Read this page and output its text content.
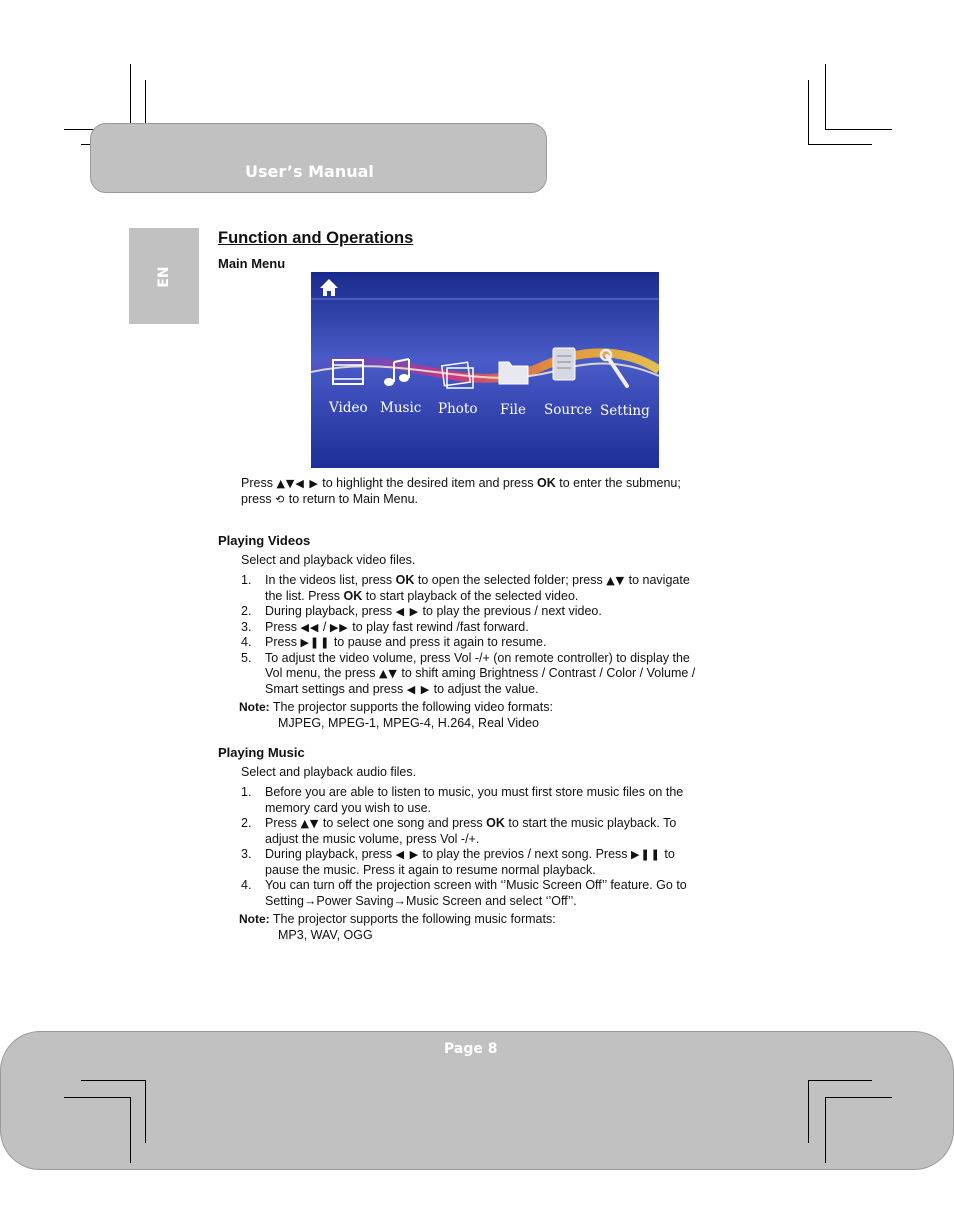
User’s Manual
EN
Function and Operations
Main Menu
Video Music Photo File Source Setting
Press ▲▼◀ ▶ to highlight the desired item and press OK to enter the submenu;
press ⟲ to return to Main Menu.
Playing Videos
Select and playback video files.
1. In the videos list, press OK to open the selected folder; press ▲▼ to navigate
the list. Press OK to start playback of the selected video.
2. During playback, press ◀ ▶ to play the previous / next video.
3. Press ◀◀ / ▶▶ to play fast rewind /fast forward.
4. Press ▶❚❚ to pause and press it again to resume.
5. To adjust the video volume, press Vol -/+ (on remote controller) to display the
Vol menu, the press ▲▼ to shift aming Brightness / Contrast / Color / Volume /
Smart settings and press ◀ ▶ to adjust the value.
Note: The projector supports the following video formats:
MJPEG, MPEG-1, MPEG-4, H.264, Real Video
Playing Music
Select and playback audio files.
1. Before you are able to listen to music, you must first store music files on the
memory card you wish to use.
2. Press ▲▼ to select one song and press OK to start the music playback. To
adjust the music volume, press Vol -/+.
3. During playback, press ◀ ▶ to play the previos / next song. Press ▶❚❚ to
pause the music. Press it again to resume normal playback.
4. You can turn off the projection screen with ‘’Music Screen Off’’ feature. Go to
Setting→Power Saving→Music Screen and select ‘’Off’’.
Note: The projector supports the following music formats:
MP3, WAV, OGG
Page 8
